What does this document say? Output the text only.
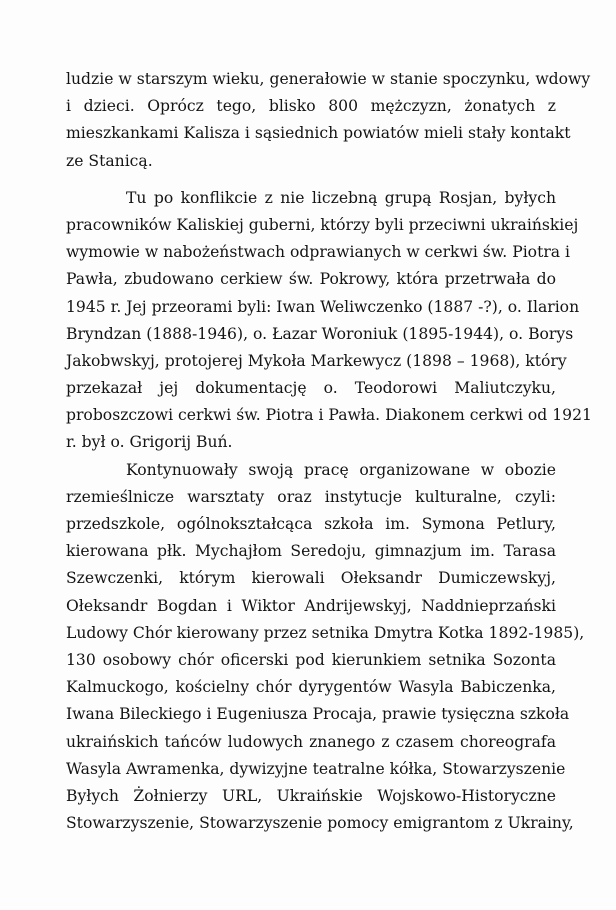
ludzie w starszym wieku, generałowie w stanie spoczynku, wdowy
i dzieci. Oprócz tego, blisko 800 mężczyzn, żonatych z
mieszkankami Kalisza i sąsiednich powiatów mieli stały kontakt
ze Stanicą.
Tu po konflikcie z nie liczebną grupą Rosjan, byłych
pracowników Kaliskiej guberni, którzy byli przeciwni ukraińskiej
wymowie w nabożeństwach odprawianych w cerkwi św. Piotra i
Pawła, zbudowano cerkiew św. Pokrowy, która przetrwała do
1945 r. Jej przeorami byli: Iwan Weliwczenko (1887 -?), o. Ilarion
Bryndzan (1888-1946), o. Łazar Woroniuk (1895-1944), o. Borys
Jakobwskyj, protojerej Mykoła Markewycz (1898 – 1968), który
przekazał jej dokumentację o. Teodorowi Maliutczyku,
proboszczowi cerkwi św. Piotra i Pawła. Diakonem cerkwi od 1921
r. był o. Grigorij Buń.
Kontynuowały swoją pracę organizowane w obozie
rzemieślnicze warsztaty oraz instytucje kulturalne, czyli:
przedszkole, ogólnokształcąca szkoła im. Symona Petlury,
kierowana płk. Mychajłom Seredoju, gimnazjum im. Tarasa
Szewczenki, którym kierowali Ołeksandr Dumiczewskyj,
Ołeksandr Bogdan i Wiktor Andrijewskyj, Naddnieprzański
Ludowy Chór kierowany przez setnika Dmytra Kotka 1892-1985),
130 osobowy chór oficerski pod kierunkiem setnika Sozonta
Kalmuckogo, kościelny chór dyrygentów Wasyla Babiczenka,
Iwana Bileckiego i Eugeniusza Procaja, prawie tysięczna szkoła
ukraińskich tańców ludowych znanego z czasem choreografa
Wasyla Awramenka, dywizyjne teatralne kółka, Stowarzyszenie
Byłych Żołnierzy URL, Ukraińskie Wojskowo-Historyczne
Stowarzyszenie, Stowarzyszenie pomocy emigrantom z Ukrainy,
